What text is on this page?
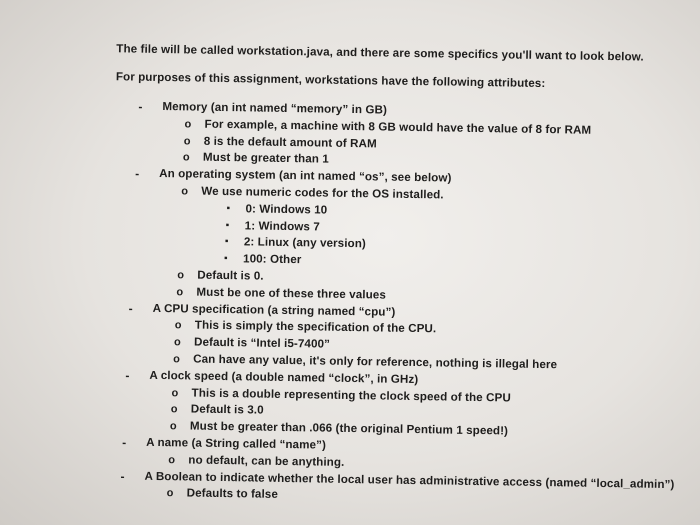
The file will be called workstation.java, and there are some specifics you'll want to look below.
For purposes of this assignment, workstations have the following attributes:
- Memory (an int named “memory” in GB)
o For example, a machine with 8 GB would have the value of 8 for RAM
o 8 is the default amount of RAM
o Must be greater than 1
- An operating system (an int named “os”, see below)
o We use numeric codes for the OS installed.
▪ 0: Windows 10
▪ 1: Windows 7
▪ 2: Linux (any version)
▪ 100: Other
o Default is 0.
o Must be one of these three values
- A CPU specification (a string named “cpu”)
o This is simply the specification of the CPU.
o Default is “Intel i5-7400”
o Can have any value, it's only for reference, nothing is illegal here
- A clock speed (a double named “clock”, in GHz)
o This is a double representing the clock speed of the CPU
o Default is 3.0
o Must be greater than .066 (the original Pentium 1 speed!)
- A name (a String called “name”)
o no default, can be anything.
- A Boolean to indicate whether the local user has administrative access (named “local_admin”)
o Defaults to false
